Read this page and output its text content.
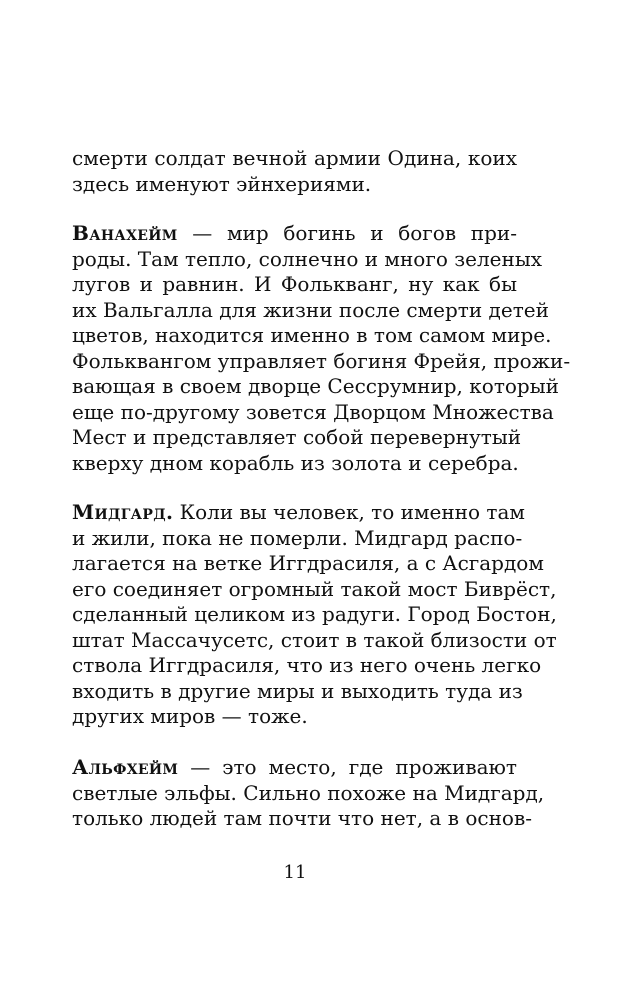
смерти солдат вечной армии Одина, коих
здесь именуют эйнхериями.
Ванахейм — мир богинь и богов при-
роды. Там тепло, солнечно и много зеленых
лугов и равнин. И Фолькванг, ну как бы
их Вальгалла для жизни после смерти детей
цветов, находится именно в том самом мире.
Фольквангом управляет богиня Фрейя, прожи-
вающая в своем дворце Сессрумнир, который
еще по-другому зовется Дворцом Множества
Мест и представляет собой перевернутый
кверху дном корабль из золота и серебра.
Мидгард. Коли вы человек, то именно там
и жили, пока не померли. Мидгард распо-
лагается на ветке Иггдрасиля, а с Асгардом
его соединяет огромный такой мост Биврёст,
сделанный целиком из радуги. Город Бостон,
штат Массачусетс, стоит в такой близости от
ствола Иггдрасиля, что из него очень легко
входить в другие миры и выходить туда из
других миров — тоже.
Альфхейм — это место, где проживают
светлые эльфы. Сильно похоже на Мидгард,
только людей там почти что нет, а в основ-
11
